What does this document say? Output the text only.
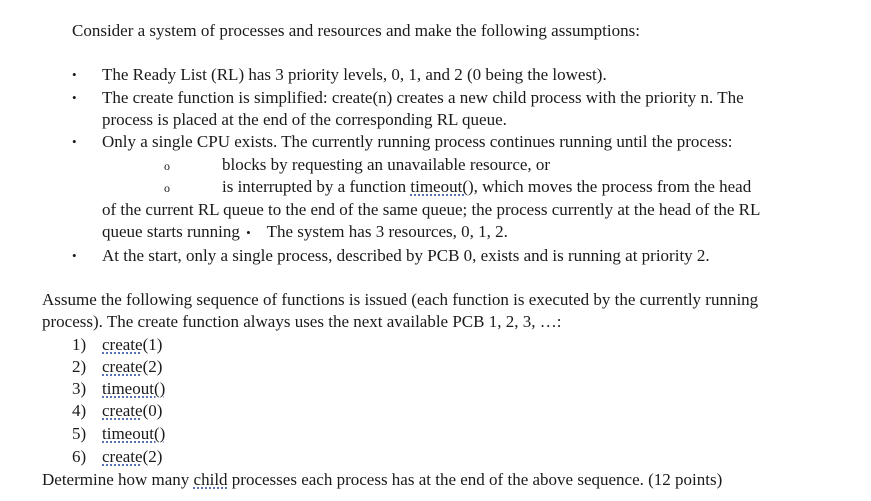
Consider a system of processes and resources and make the following assumptions:
• The Ready List (RL) has 3 priority levels, 0, 1, and 2 (0 being the lowest).
• The create function is simplified: create(n) creates a new child process with the priority n. The
process is placed at the end of the corresponding RL queue.
• Only a single CPU exists. The currently running process continues running until the process:
o	blocks by requesting an unavailable resource, or
o	is interrupted by a function timeout(), which moves the process from the head
of the current RL queue to the end of the same queue; the process currently at the head of the RL
queue starts running • The system has 3 resources, 0, 1, 2.
• At the start, only a single process, described by PCB 0, exists and is running at priority 2.
Assume the following sequence of functions is issued (each function is executed by the currently running
process). The create function always uses the next available PCB 1, 2, 3, …:
1) create(1)
2) create(2)
3) timeout()
4) create(0)
5) timeout()
6) create(2)
Determine how many child processes each process has at the end of the above sequence. (12 points)
